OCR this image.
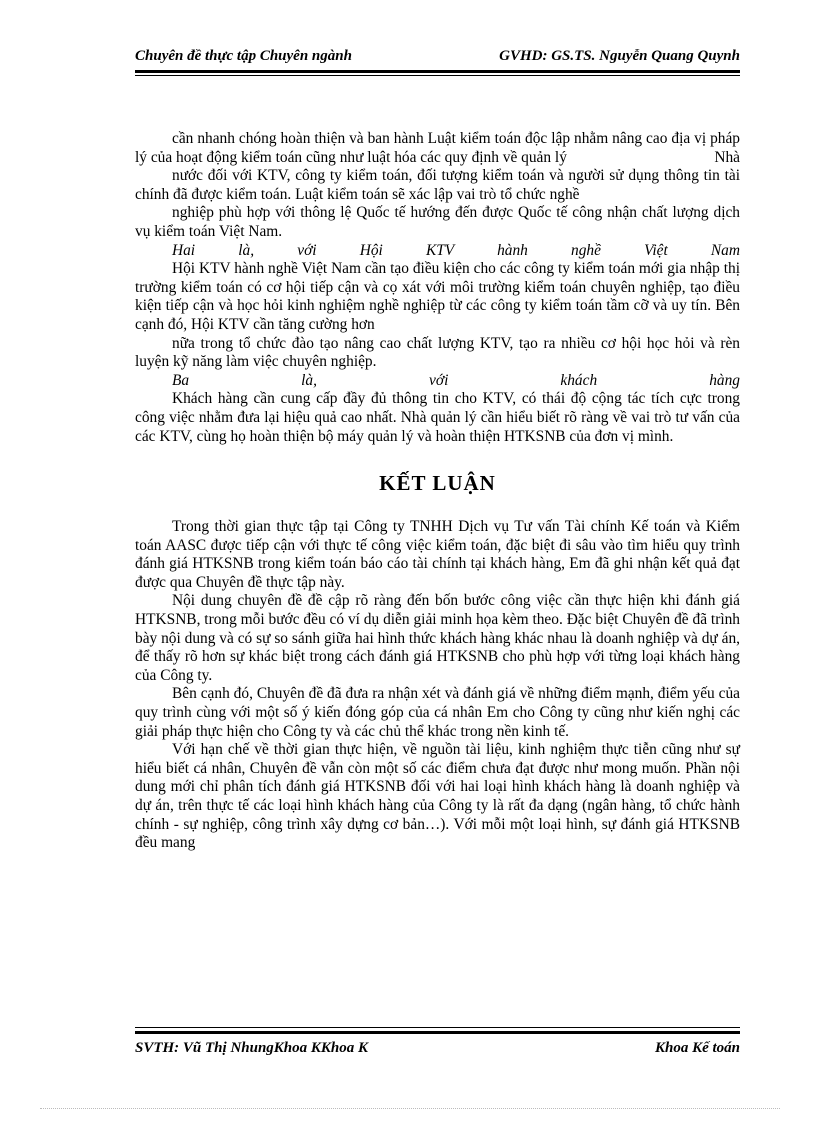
Chuyên đề thực tập Chuyên ngành	GVHD: GS.TS. Nguyễn Quang Quynh

cần nhanh chóng hoàn thiện và ban hành Luật kiểm toán độc lập nhằm nâng cao địa vị pháp lý của hoạt động kiểm toán cũng như luật hóa các quy định về quản lý	Nhà

nước đối với KTV, công ty kiểm toán, đối tượng kiểm toán và người sử dụng thông tin tài chính đã được kiểm toán. Luật kiểm toán sẽ xác lập vai trò tổ chức nghề

nghiệp phù hợp với thông lệ Quốc tế hướng đến được Quốc tế công nhận chất lượng dịch vụ kiểm toán Việt Nam.

Hai là, với Hội KTV hành nghề Việt Nam

Hội KTV hành nghề Việt Nam cần tạo điều kiện cho các công ty kiểm toán mới gia nhập thị trường kiểm toán có cơ hội tiếp cận và cọ xát với môi trường kiểm toán chuyên nghiệp, tạo điều kiện tiếp cận và học hỏi kinh nghiệm nghề nghiệp từ các công ty kiểm toán tầm cỡ và uy tín. Bên cạnh đó, Hội KTV cần tăng cường hơn

nữa trong tổ chức đào tạo nâng cao chất lượng KTV, tạo ra nhiều cơ hội học hỏi và rèn luyện kỹ năng làm việc chuyên nghiệp.

Ba là, với khách hàng

Khách hàng cần cung cấp đầy đủ thông tin cho KTV, có thái độ cộng tác tích cực trong công việc nhằm đưa lại hiệu quả cao nhất. Nhà quản lý cần hiểu biết rõ ràng về vai trò tư vấn của các KTV, cùng họ hoàn thiện bộ máy quản lý và hoàn thiện HTKSNB của đơn vị mình.

KẾT LUẬN

Trong thời gian thực tập tại Công ty TNHH Dịch vụ Tư vấn Tài chính Kế toán và Kiểm toán AASC được tiếp cận với thực tế công việc kiểm toán, đặc biệt đi sâu vào tìm hiểu quy trình đánh giá HTKSNB trong kiểm toán báo cáo tài chính tại khách hàng, Em đã ghi nhận kết quả đạt được qua Chuyên đề thực tập này.

Nội dung chuyên đề đề cập rõ ràng đến bốn bước công việc cần thực hiện khi đánh giá HTKSNB, trong mỗi bước đều có ví dụ diễn giải minh họa kèm theo. Đặc biệt Chuyên đề đã trình bày nội dung và có sự so sánh giữa hai hình thức khách hàng khác nhau là doanh nghiệp và dự án, để thấy rõ hơn sự khác biệt trong cách đánh giá HTKSNB cho phù hợp với từng loại khách hàng của Công ty.

Bên cạnh đó, Chuyên đề đã đưa ra nhận xét và đánh giá về những điểm mạnh, điểm yếu của quy trình cùng với một số ý kiến đóng góp của cá nhân Em cho Công ty cũng như kiến nghị các giải pháp thực hiện cho Công ty và các chủ thể khác trong nền kinh tế.

Với hạn chế về thời gian thực hiện, về nguồn tài liệu, kinh nghiệm thực tiễn cũng như sự hiểu biết cá nhân, Chuyên đề vẫn còn một số các điểm chưa đạt được như mong muốn. Phần nội dung mới chỉ phân tích đánh giá HTKSNB đối với hai loại hình khách hàng là doanh nghiệp và dự án, trên thực tế các loại hình khách hàng của Công ty là rất đa dạng (ngân hàng, tổ chức hành chính - sự nghiệp, công trình xây dựng cơ bản…). Với mỗi một loại hình, sự đánh giá HTKSNB đều mang

SVTH: Vũ Thị NhungKhoa KKhoa K	Khoa Kế toán
